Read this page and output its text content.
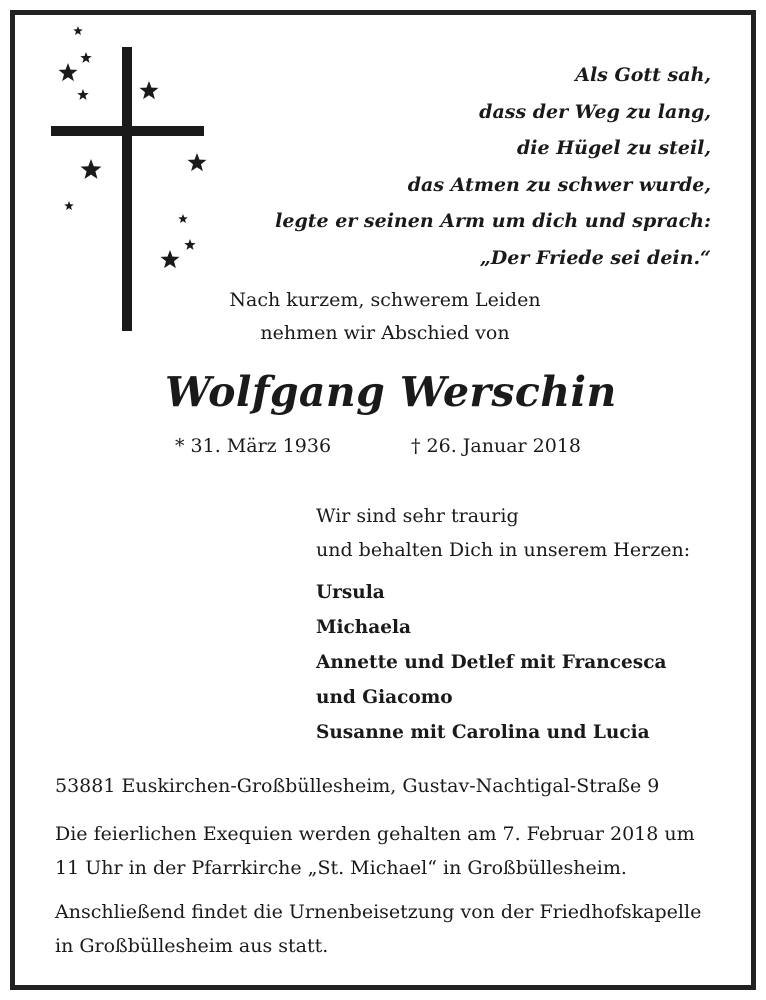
Als Gott sah,
dass der Weg zu lang,
die Hügel zu steil,
das Atmen zu schwer wurde,
legte er seinen Arm um dich und sprach:
„Der Friede sei dein.“
Nach kurzem, schwerem Leiden
nehmen wir Abschied von
Wolfgang Werschin
* 31. März 1936	† 26. Januar 2018
Wir sind sehr traurig
und behalten Dich in unserem Herzen:
Ursula
Michaela
Annette und Detlef mit Francesca
und Giacomo
Susanne mit Carolina und Lucia
53881 Euskirchen-Großbüllesheim, Gustav-Nachtigal-Straße 9
Die feierlichen Exequien werden gehalten am 7. Februar 2018 um
11 Uhr in der Pfarrkirche „St. Michael“ in Großbüllesheim.
Anschließend findet die Urnenbeisetzung von der Friedhofskapelle
in Großbüllesheim aus statt.
